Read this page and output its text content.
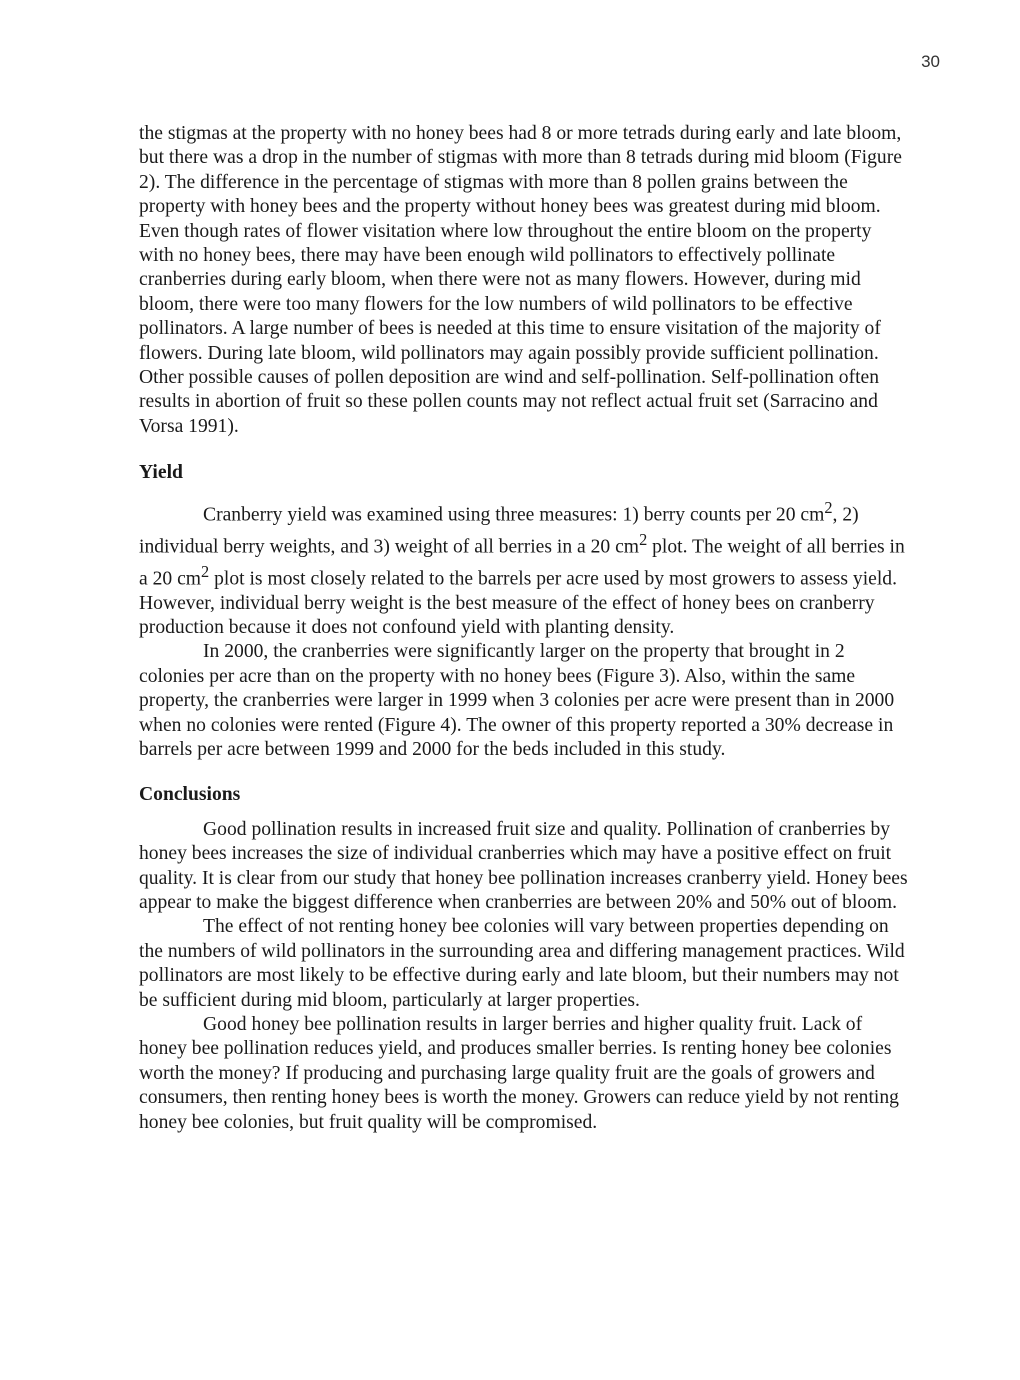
30

the stigmas at the property with no honey bees had 8 or more tetrads during early and late bloom, but there was a drop in the number of stigmas with more than 8 tetrads during mid bloom (Figure 2). The difference in the percentage of stigmas with more than 8 pollen grains between the property with honey bees and the property without honey bees was greatest during mid bloom. Even though rates of flower visitation where low throughout the entire bloom on the property with no honey bees, there may have been enough wild pollinators to effectively pollinate cranberries during early bloom, when there were not as many flowers. However, during mid bloom, there were too many flowers for the low numbers of wild pollinators to be effective pollinators. A large number of bees is needed at this time to ensure visitation of the majority of flowers. During late bloom, wild pollinators may again possibly provide sufficient pollination. Other possible causes of pollen deposition are wind and self-pollination. Self-pollination often results in abortion of fruit so these pollen counts may not reflect actual fruit set (Sarracino and Vorsa 1991).

Yield

Cranberry yield was examined using three measures: 1) berry counts per 20 $cm^2$, 2) individual berry weights, and 3) weight of all berries in a 20 $cm^2$ plot. The weight of all berries in a 20 $cm^2$ plot is most closely related to the barrels per acre used by most growers to assess yield. However, individual berry weight is the best measure of the effect of honey bees on cranberry production because it does not confound yield with planting density.

In 2000, the cranberries were significantly larger on the property that brought in 2 colonies per acre than on the property with no honey bees (Figure 3). Also, within the same property, the cranberries were larger in 1999 when 3 colonies per acre were present than in 2000 when no colonies were rented (Figure 4). The owner of this property reported a 30% decrease in barrels per acre between 1999 and 2000 for the beds included in this study.

Conclusions

Good pollination results in increased fruit size and quality. Pollination of cranberries by honey bees increases the size of individual cranberries which may have a positive effect on fruit quality. It is clear from our study that honey bee pollination increases cranberry yield. Honey bees appear to make the biggest difference when cranberries are between 20% and 50% out of bloom.

The effect of not renting honey bee colonies will vary between properties depending on the numbers of wild pollinators in the surrounding area and differing management practices. Wild pollinators are most likely to be effective during early and late bloom, but their numbers may not be sufficient during mid bloom, particularly at larger properties.

Good honey bee pollination results in larger berries and higher quality fruit. Lack of honey bee pollination reduces yield, and produces smaller berries. Is renting honey bee colonies worth the money? If producing and purchasing large quality fruit are the goals of growers and consumers, then renting honey bees is worth the money. Growers can reduce yield by not renting honey bee colonies, but fruit quality will be compromised.
